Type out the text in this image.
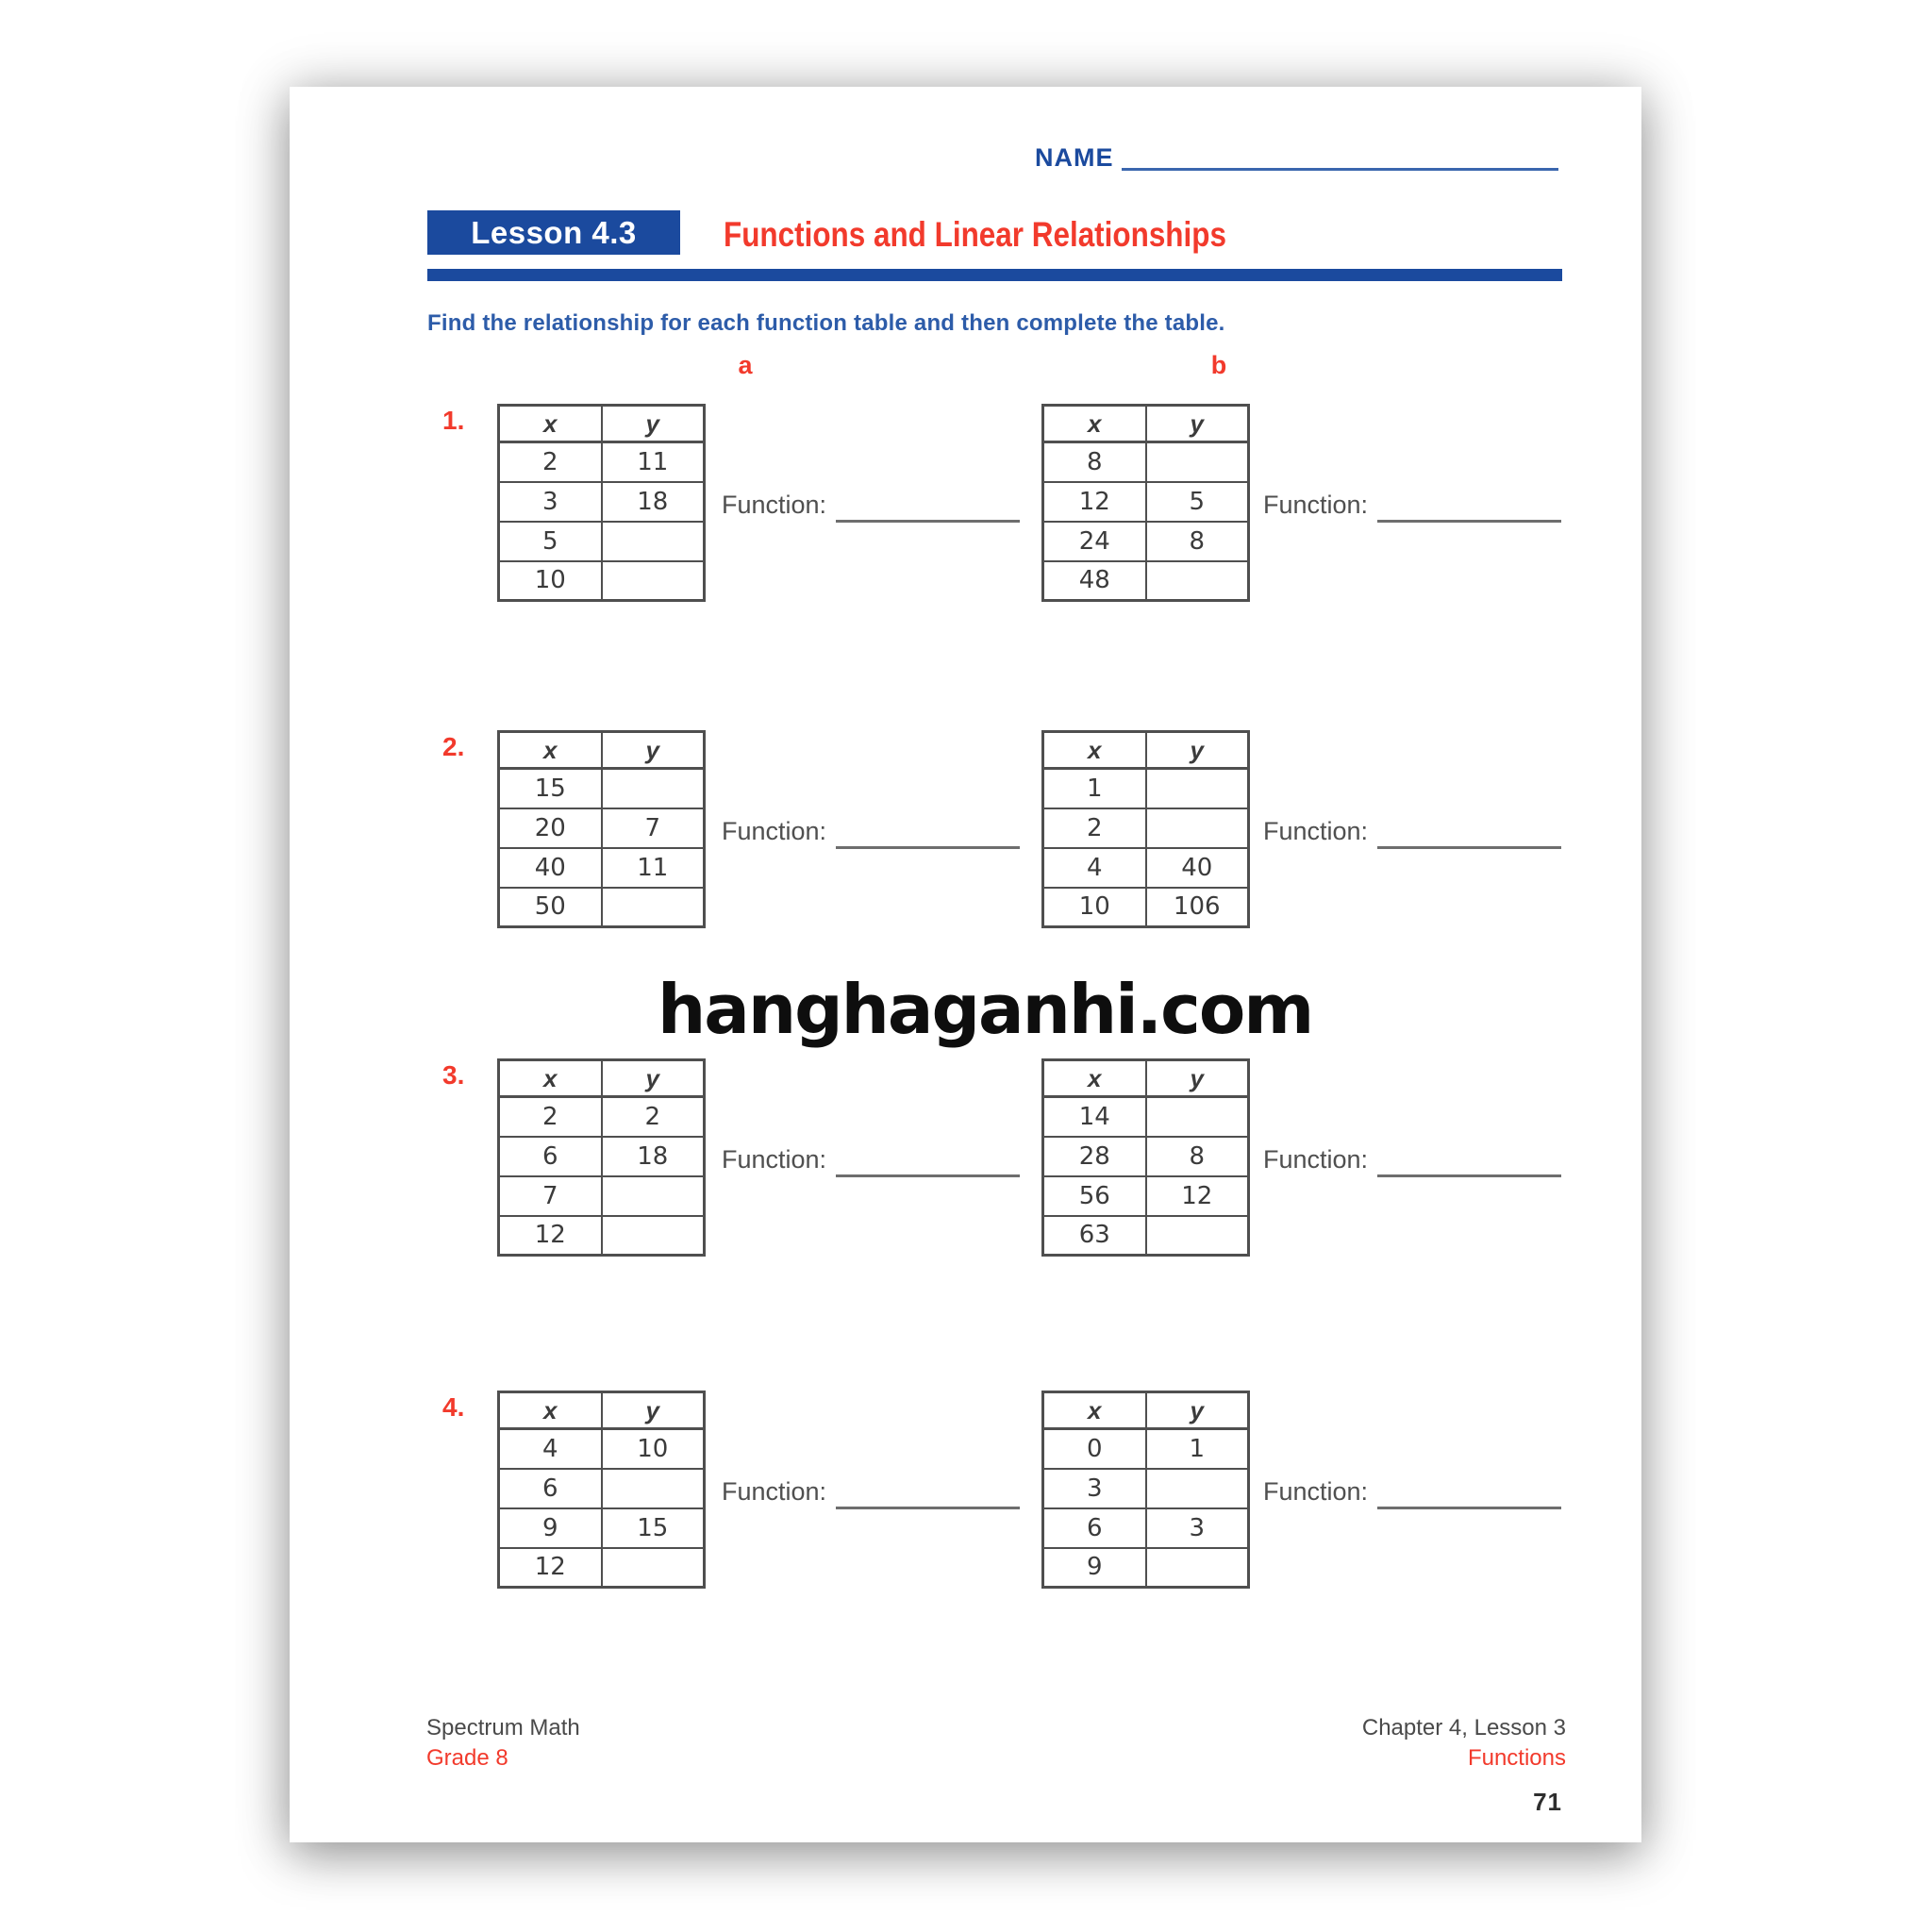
NAME
Lesson 4.3	Functions and Linear Relationships
Find the relationship for each function table and then complete the table.
a	b
1.	x	y
2	11
3	18
5	
10	
Function:
x	y
8	
12	5
24	8
48	
Function:
2.	x	y
15	
20	7
40	11
50	
Function:
x	y
1	
2	
4	40
10	106
Function:
3.	x	y
2	2
6	18
7	
12	
Function:
x	y
14	
28	8
56	12
63	
Function:
4.	x	y
4	10
6	
9	15
12	
Function:
x	y
0	1
3	
6	3
9	
Function:
hanghaganhi.com
Spectrum Math
Grade 8
Chapter 4, Lesson 3
Functions
71
